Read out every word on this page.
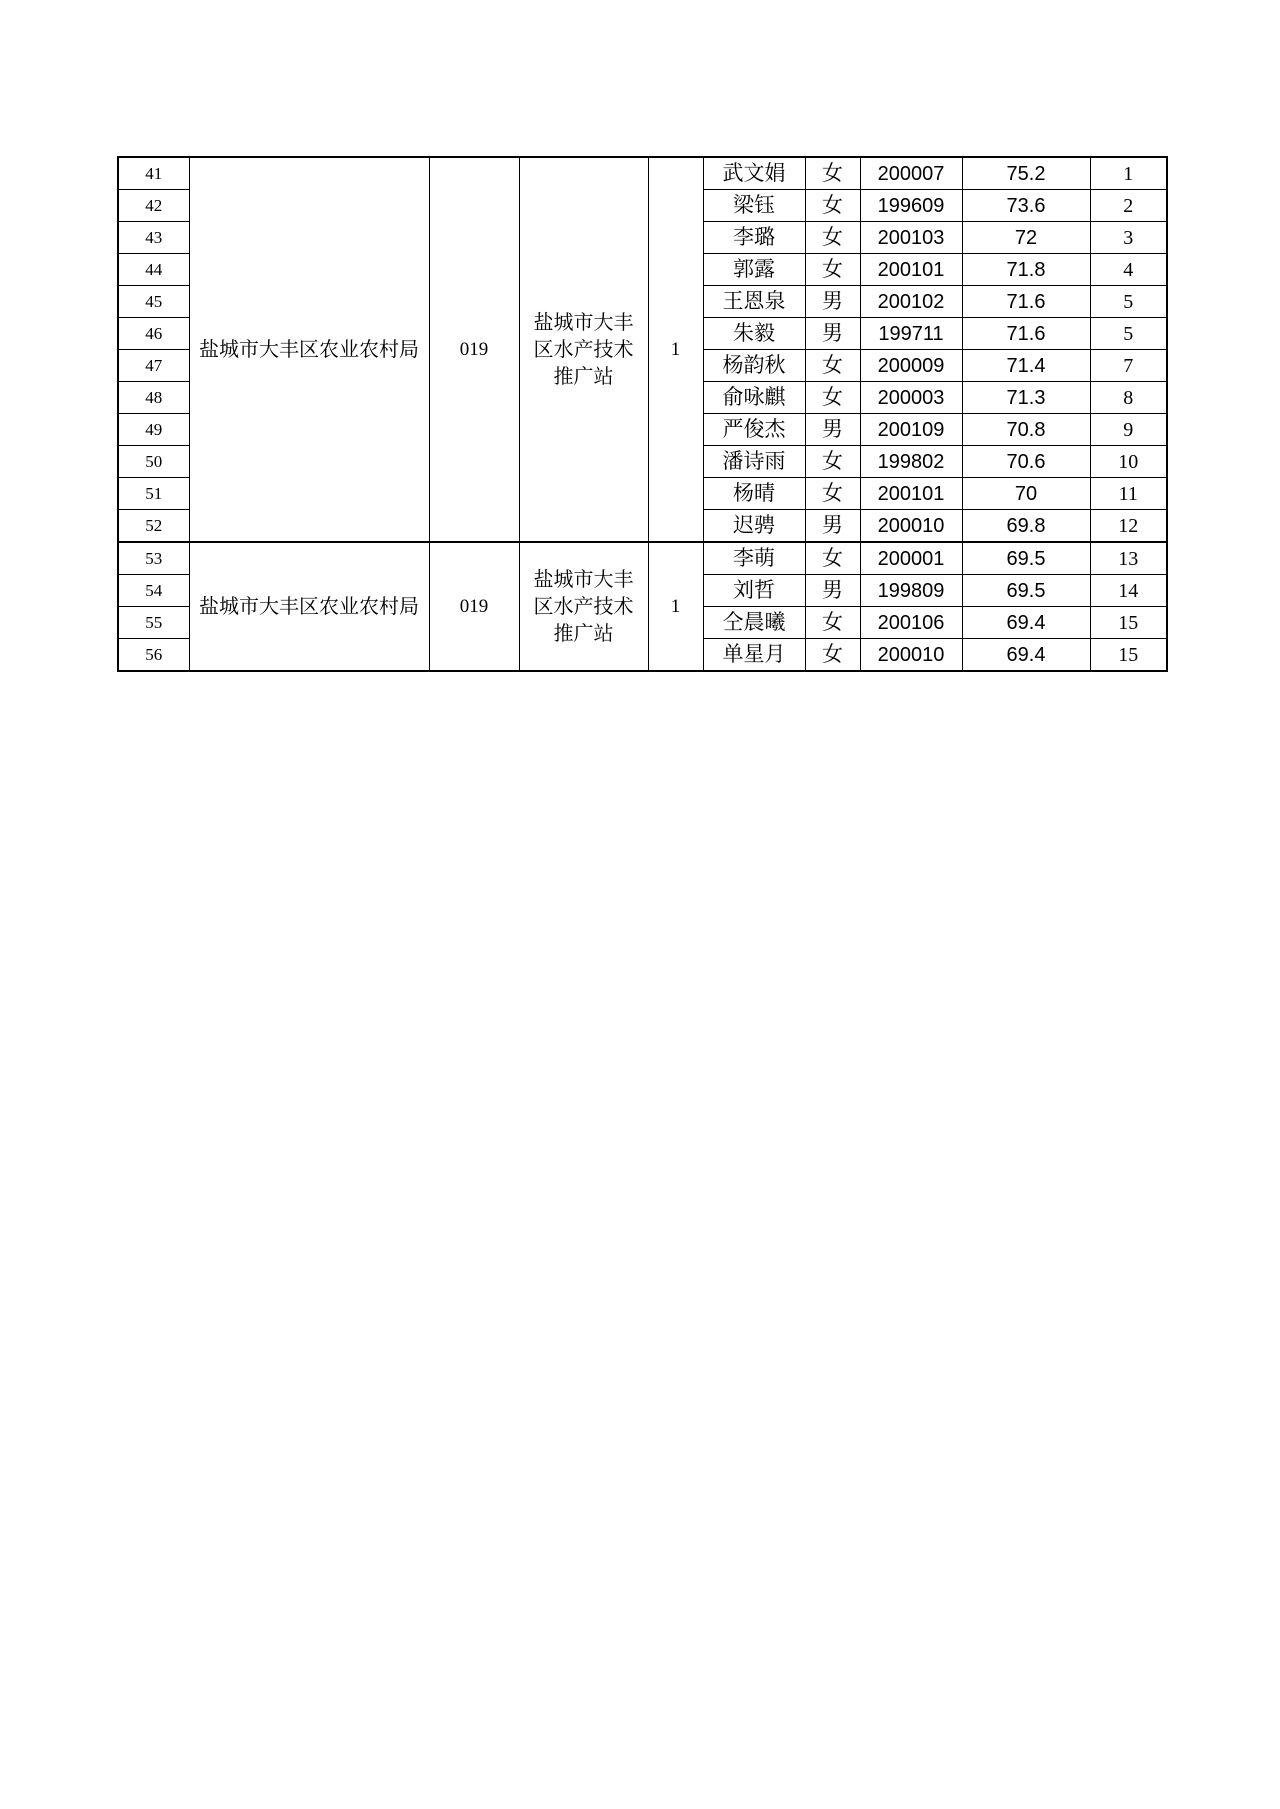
41	盐城市大丰区农业农村局	019	盐城市大丰区水产技术推广站	1	武文娟	女	200007	75.2	1
42					梁钰	女	199609	73.6	2
43					李璐	女	200103	72	3
44					郭露	女	200101	71.8	4
45					王恩泉	男	200102	71.6	5
46					朱毅	男	199711	71.6	5
47					杨韵秋	女	200009	71.4	7
48					俞咏麒	女	200003	71.3	8
49					严俊杰	男	200109	70.8	9
50					潘诗雨	女	199802	70.6	10
51					杨晴	女	200101	70	11
52					迟骋	男	200010	69.8	12
53	盐城市大丰区农业农村局	019	盐城市大丰区水产技术推广站	1	李萌	女	200001	69.5	13
54					刘哲	男	199809	69.5	14
55					仝晨曦	女	200106	69.4	15
56					单星月	女	200010	69.4	15
